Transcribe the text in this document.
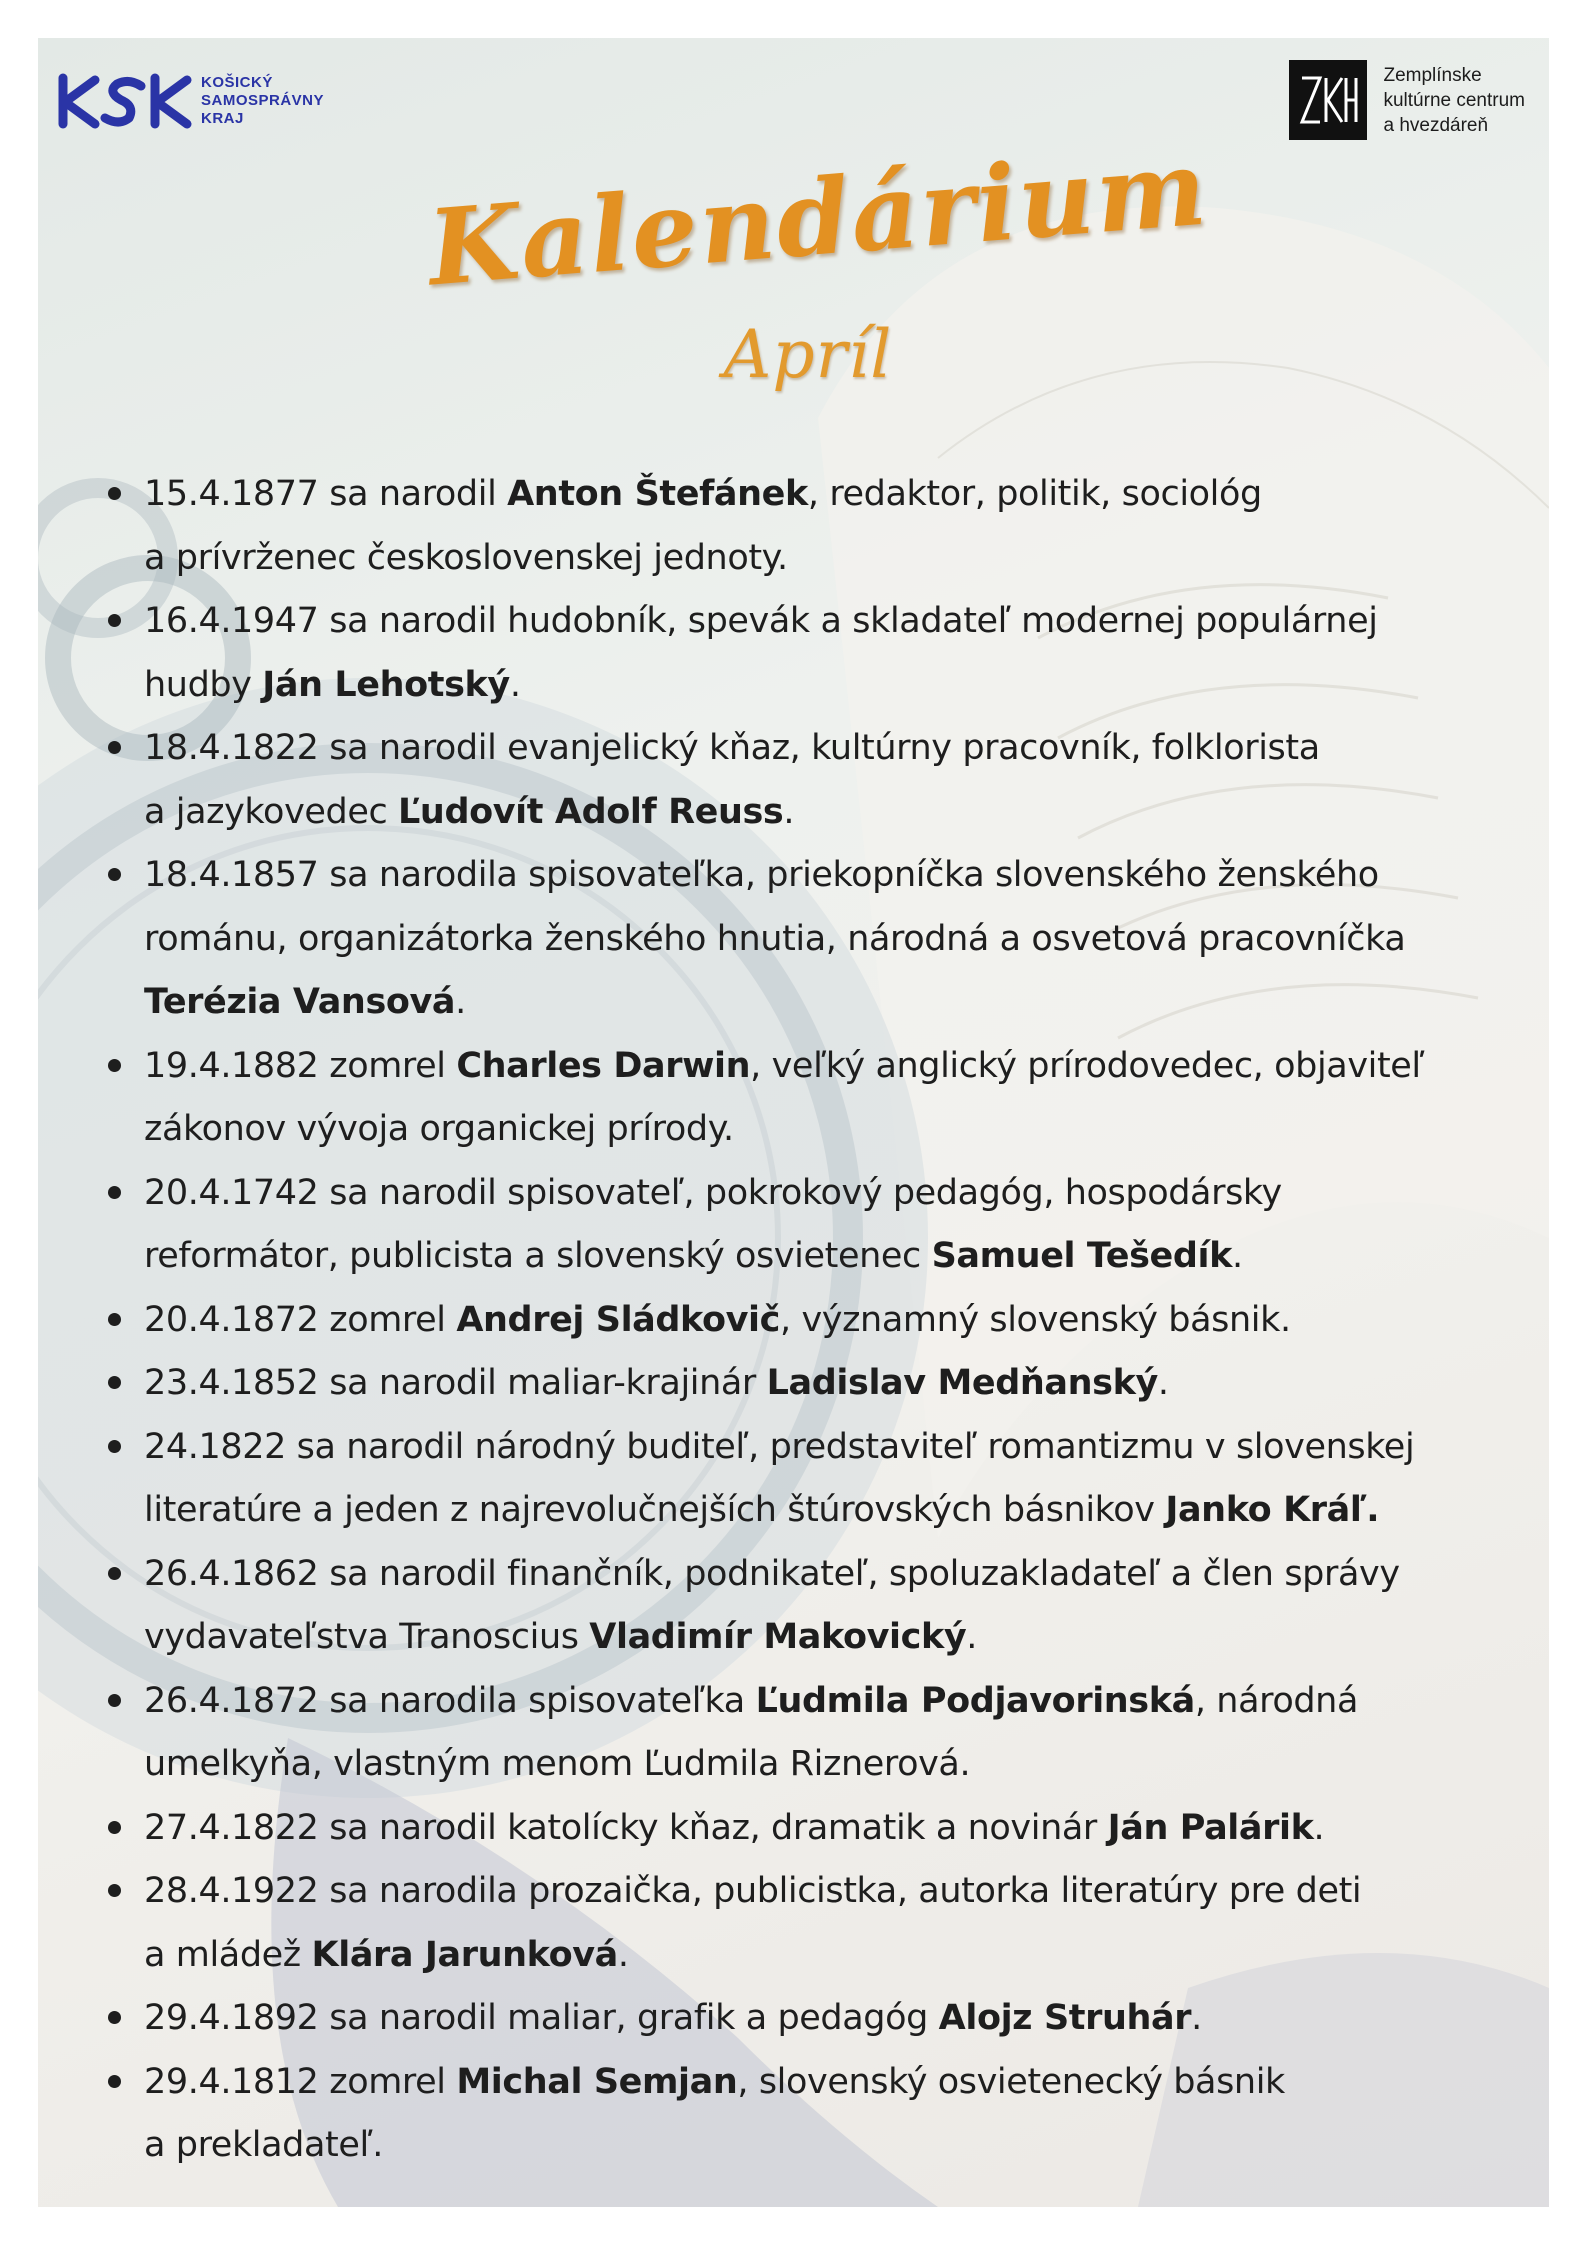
KOŠICKÝ
SAMOSPRÁVNY
KRAJ
Zemplínske
kultúrne centrum
a hvezdáreň
Kalendárium
Apríl
15.4.1877 sa narodil Anton Štefánek, redaktor, politik, sociológ
a prívrženec československej jednoty.
16.4.1947 sa narodil hudobník, spevák a skladateľ modernej populárnej
hudby Ján Lehotský.
18.4.1822 sa narodil evanjelický kňaz, kultúrny pracovník, folklorista
a jazykovedec Ľudovít Adolf Reuss.
18.4.1857 sa narodila spisovateľka, priekopníčka slovenského ženského
románu, organizátorka ženského hnutia, národná a osvetová pracovníčka
Terézia Vansová.
19.4.1882 zomrel Charles Darwin, veľký anglický prírodovedec, objaviteľ
zákonov vývoja organickej prírody.
20.4.1742 sa narodil spisovateľ, pokrokový pedagóg, hospodársky
reformátor, publicista a slovenský osvietenec Samuel Tešedík.
20.4.1872 zomrel Andrej Sládkovič, významný slovenský básnik.
23.4.1852 sa narodil maliar-krajinár Ladislav Medňanský.
24.1822 sa narodil národný buditeľ, predstaviteľ romantizmu v slovenskej
literatúre a jeden z najrevolučnejších štúrovských básnikov Janko Kráľ.
26.4.1862 sa narodil finančník, podnikateľ, spoluzakladateľ a člen správy
vydavateľstva Tranoscius Vladimír Makovický.
26.4.1872 sa narodila spisovateľka Ľudmila Podjavorinská, národná
umelkyňa, vlastným menom Ľudmila Riznerová.
27.4.1822 sa narodil katolícky kňaz, dramatik a novinár Ján Palárik.
28.4.1922 sa narodila prozaička, publicistka, autorka literatúry pre deti
a mládež Klára Jarunková.
29.4.1892 sa narodil maliar, grafik a pedagóg Alojz Struhár.
29.4.1812 zomrel Michal Semjan, slovenský osvietenecký básnik
a prekladateľ.
